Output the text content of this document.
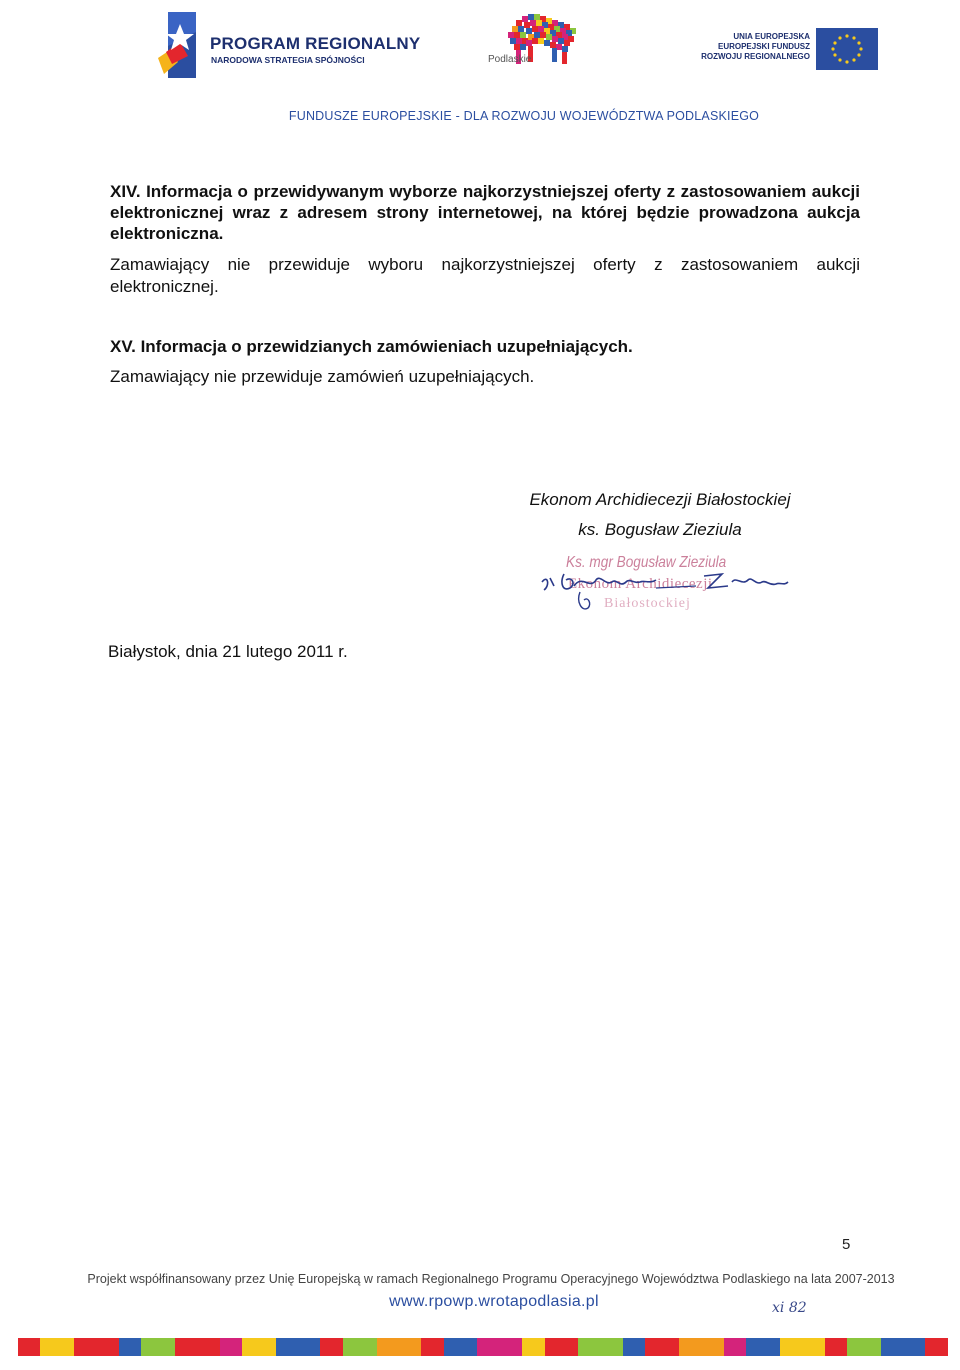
PROGRAM REGIONALNY
NARODOWA STRATEGIA SPÓJNOŚCI	Podlaskie
UNIA EUROPEJSKA
EUROPEJSKI FUNDUSZ
ROZWOJU REGIONALNEGO
FUNDUSZE EUROPEJSKIE - DLA ROZWOJU WOJEWÓDZTWA PODLASKIEGO
XIV. Informacja o przewidywanym wyborze najkorzystniejszej oferty z zastosowaniem aukcji elektronicznej wraz z adresem strony internetowej, na której będzie prowadzona aukcja elektroniczna.
Zamawiający nie przewiduje wyboru najkorzystniejszej oferty z zastosowaniem aukcji elektronicznej.
XV. Informacja o przewidzianych zamówieniach uzupełniających.
Zamawiający nie przewiduje zamówień uzupełniających.
Ekonom Archidiecezji Białostockiej
ks. Bogusław Zieziula
Ks. mgr Bogusław Zieziula
Ekonom Archidiecezji
Białostockiej
Białystok, dnia 21 lutego 2011 r.
5
Projekt współfinansowany przez Unię Europejską w ramach Regionalnego Programu Operacyjnego Województwa Podlaskiego na lata 2007-2013
www.rpowp.wrotapodlasia.pl	xi 82
